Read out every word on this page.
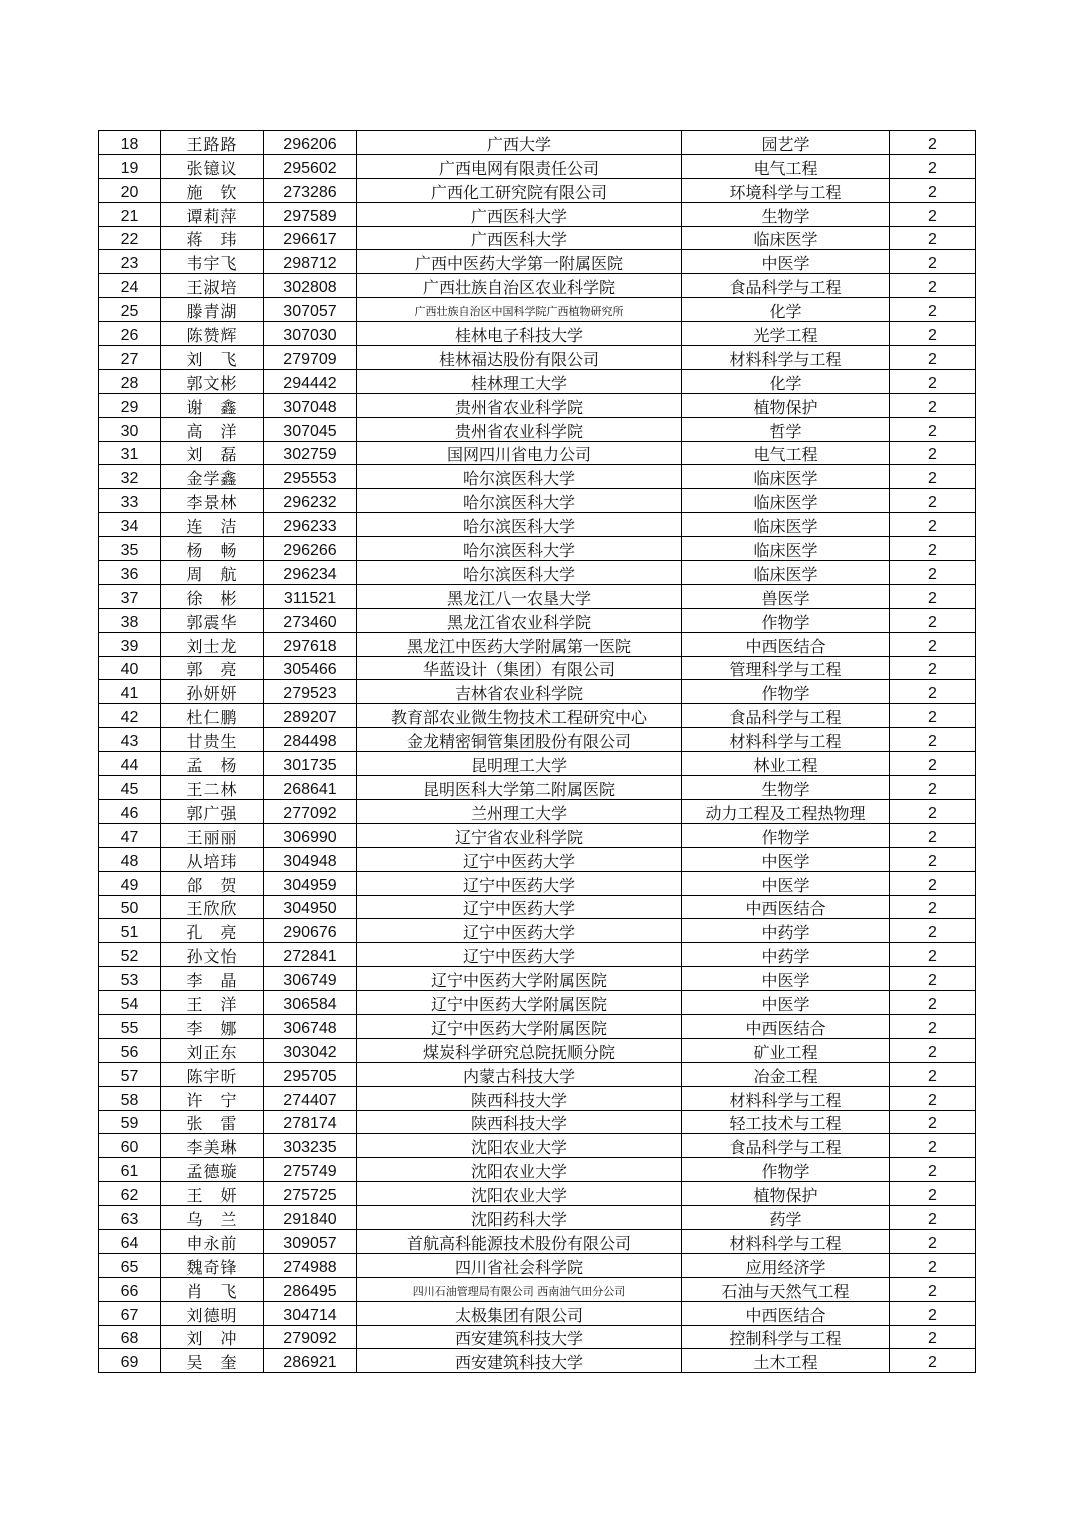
18	王路路	296206	广西大学	园艺学	2
19	张镱议	295602	广西电网有限责任公司	电气工程	2
20	施　钦	273286	广西化工研究院有限公司	环境科学与工程	2
21	谭莉萍	297589	广西医科大学	生物学	2
22	蒋　玮	296617	广西医科大学	临床医学	2
23	韦宇飞	298712	广西中医药大学第一附属医院	中医学	2
24	王淑培	302808	广西壮族自治区农业科学院	食品科学与工程	2
25	滕青湖	307057	广西壮族自治区中国科学院广西植物研究所	化学	2
26	陈赞辉	307030	桂林电子科技大学	光学工程	2
27	刘　飞	279709	桂林福达股份有限公司	材料科学与工程	2
28	郭文彬	294442	桂林理工大学	化学	2
29	谢　鑫	307048	贵州省农业科学院	植物保护	2
30	高　洋	307045	贵州省农业科学院	哲学	2
31	刘　磊	302759	国网四川省电力公司	电气工程	2
32	金学鑫	295553	哈尔滨医科大学	临床医学	2
33	李景林	296232	哈尔滨医科大学	临床医学	2
34	连　洁	296233	哈尔滨医科大学	临床医学	2
35	杨　畅	296266	哈尔滨医科大学	临床医学	2
36	周　航	296234	哈尔滨医科大学	临床医学	2
37	徐　彬	311521	黑龙江八一农垦大学	兽医学	2
38	郭震华	273460	黑龙江省农业科学院	作物学	2
39	刘士龙	297618	黑龙江中医药大学附属第一医院	中西医结合	2
40	郭　亮	305466	华蓝设计（集团）有限公司	管理科学与工程	2
41	孙妍妍	279523	吉林省农业科学院	作物学	2
42	杜仁鹏	289207	教育部农业微生物技术工程研究中心	食品科学与工程	2
43	甘贵生	284498	金龙精密铜管集团股份有限公司	材料科学与工程	2
44	孟　杨	301735	昆明理工大学	林业工程	2
45	王二林	268641	昆明医科大学第二附属医院	生物学	2
46	郭广强	277092	兰州理工大学	动力工程及工程热物理	2
47	王丽丽	306990	辽宁省农业科学院	作物学	2
48	从培玮	304948	辽宁中医药大学	中医学	2
49	郃　贺	304959	辽宁中医药大学	中医学	2
50	王欣欣	304950	辽宁中医药大学	中西医结合	2
51	孔　亮	290676	辽宁中医药大学	中药学	2
52	孙文怡	272841	辽宁中医药大学	中药学	2
53	李　晶	306749	辽宁中医药大学附属医院	中医学	2
54	王　洋	306584	辽宁中医药大学附属医院	中医学	2
55	李　娜	306748	辽宁中医药大学附属医院	中西医结合	2
56	刘正东	303042	煤炭科学研究总院抚顺分院	矿业工程	2
57	陈宇昕	295705	内蒙古科技大学	冶金工程	2
58	许　宁	274407	陕西科技大学	材料科学与工程	2
59	张　雷	278174	陕西科技大学	轻工技术与工程	2
60	李美琳	303235	沈阳农业大学	食品科学与工程	2
61	孟德璇	275749	沈阳农业大学	作物学	2
62	王　妍	275725	沈阳农业大学	植物保护	2
63	乌　兰	291840	沈阳药科大学	药学	2
64	申永前	309057	首航高科能源技术股份有限公司	材料科学与工程	2
65	魏奇锋	274988	四川省社会科学院	应用经济学	2
66	肖　飞	286495	四川石油管理局有限公司 西南油气田分公司	石油与天然气工程	2
67	刘德明	304714	太极集团有限公司	中西医结合	2
68	刘　冲	279092	西安建筑科技大学	控制科学与工程	2
69	吴　奎	286921	西安建筑科技大学	土木工程	2
